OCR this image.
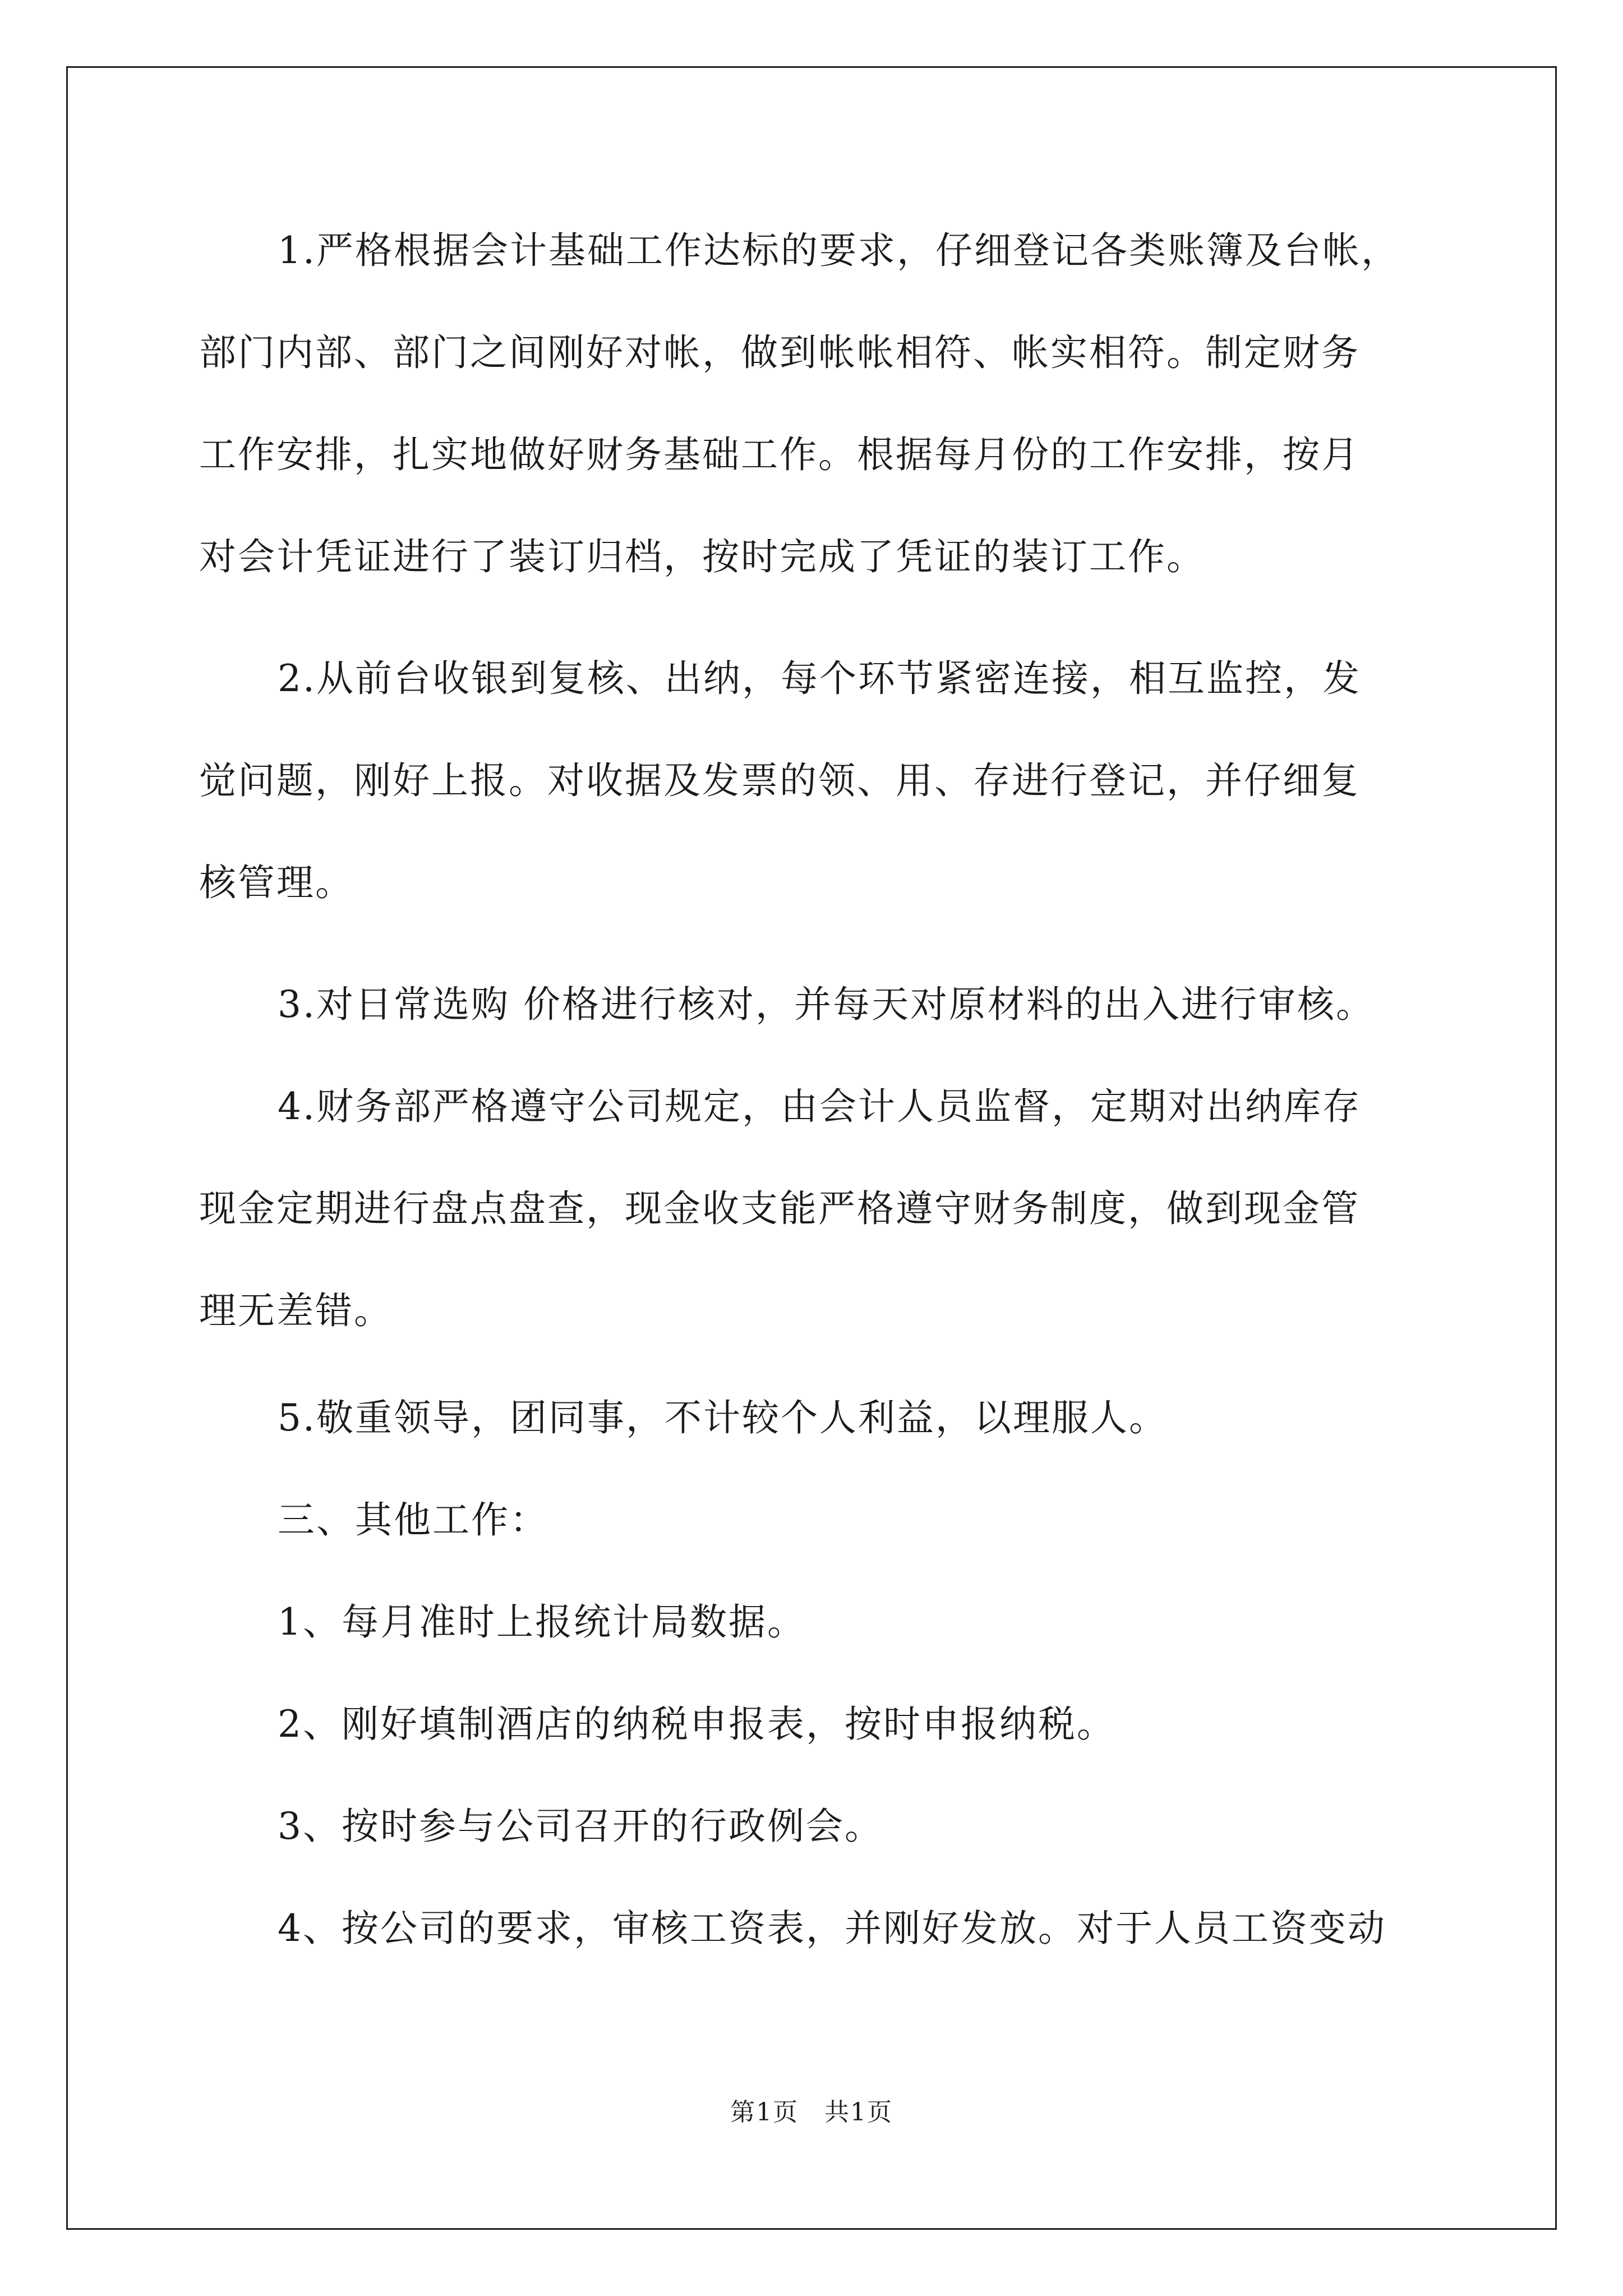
1.严格根据会计基础工作达标的要求，仔细登记各类账簿及台帐，
部门内部、部门之间刚好对帐，做到帐帐相符、帐实相符。制定财务
工作安排，扎实地做好财务基础工作。根据每月份的工作安排，按月
对会计凭证进行了装订归档，按时完成了凭证的装订工作。
2.从前台收银到复核、出纳，每个环节紧密连接，相互监控，发
觉问题，刚好上报。对收据及发票的领、用、存进行登记，并仔细复
核管理。
3.对日常选购 价格进行核对，并每天对原材料的出入进行审核。
4.财务部严格遵守公司规定，由会计人员监督，定期对出纳库存
现金定期进行盘点盘查，现金收支能严格遵守财务制度，做到现金管
理无差错。
5.敬重领导，团同事，不计较个人利益，以理服人。
三、其他工作：
1、每月准时上报统计局数据。
2、刚好填制酒店的纳税申报表，按时申报纳税。
3、按时参与公司召开的行政例会。
4、按公司的要求，审核工资表，并刚好发放。对于人员工资变动
第1页　共1页
